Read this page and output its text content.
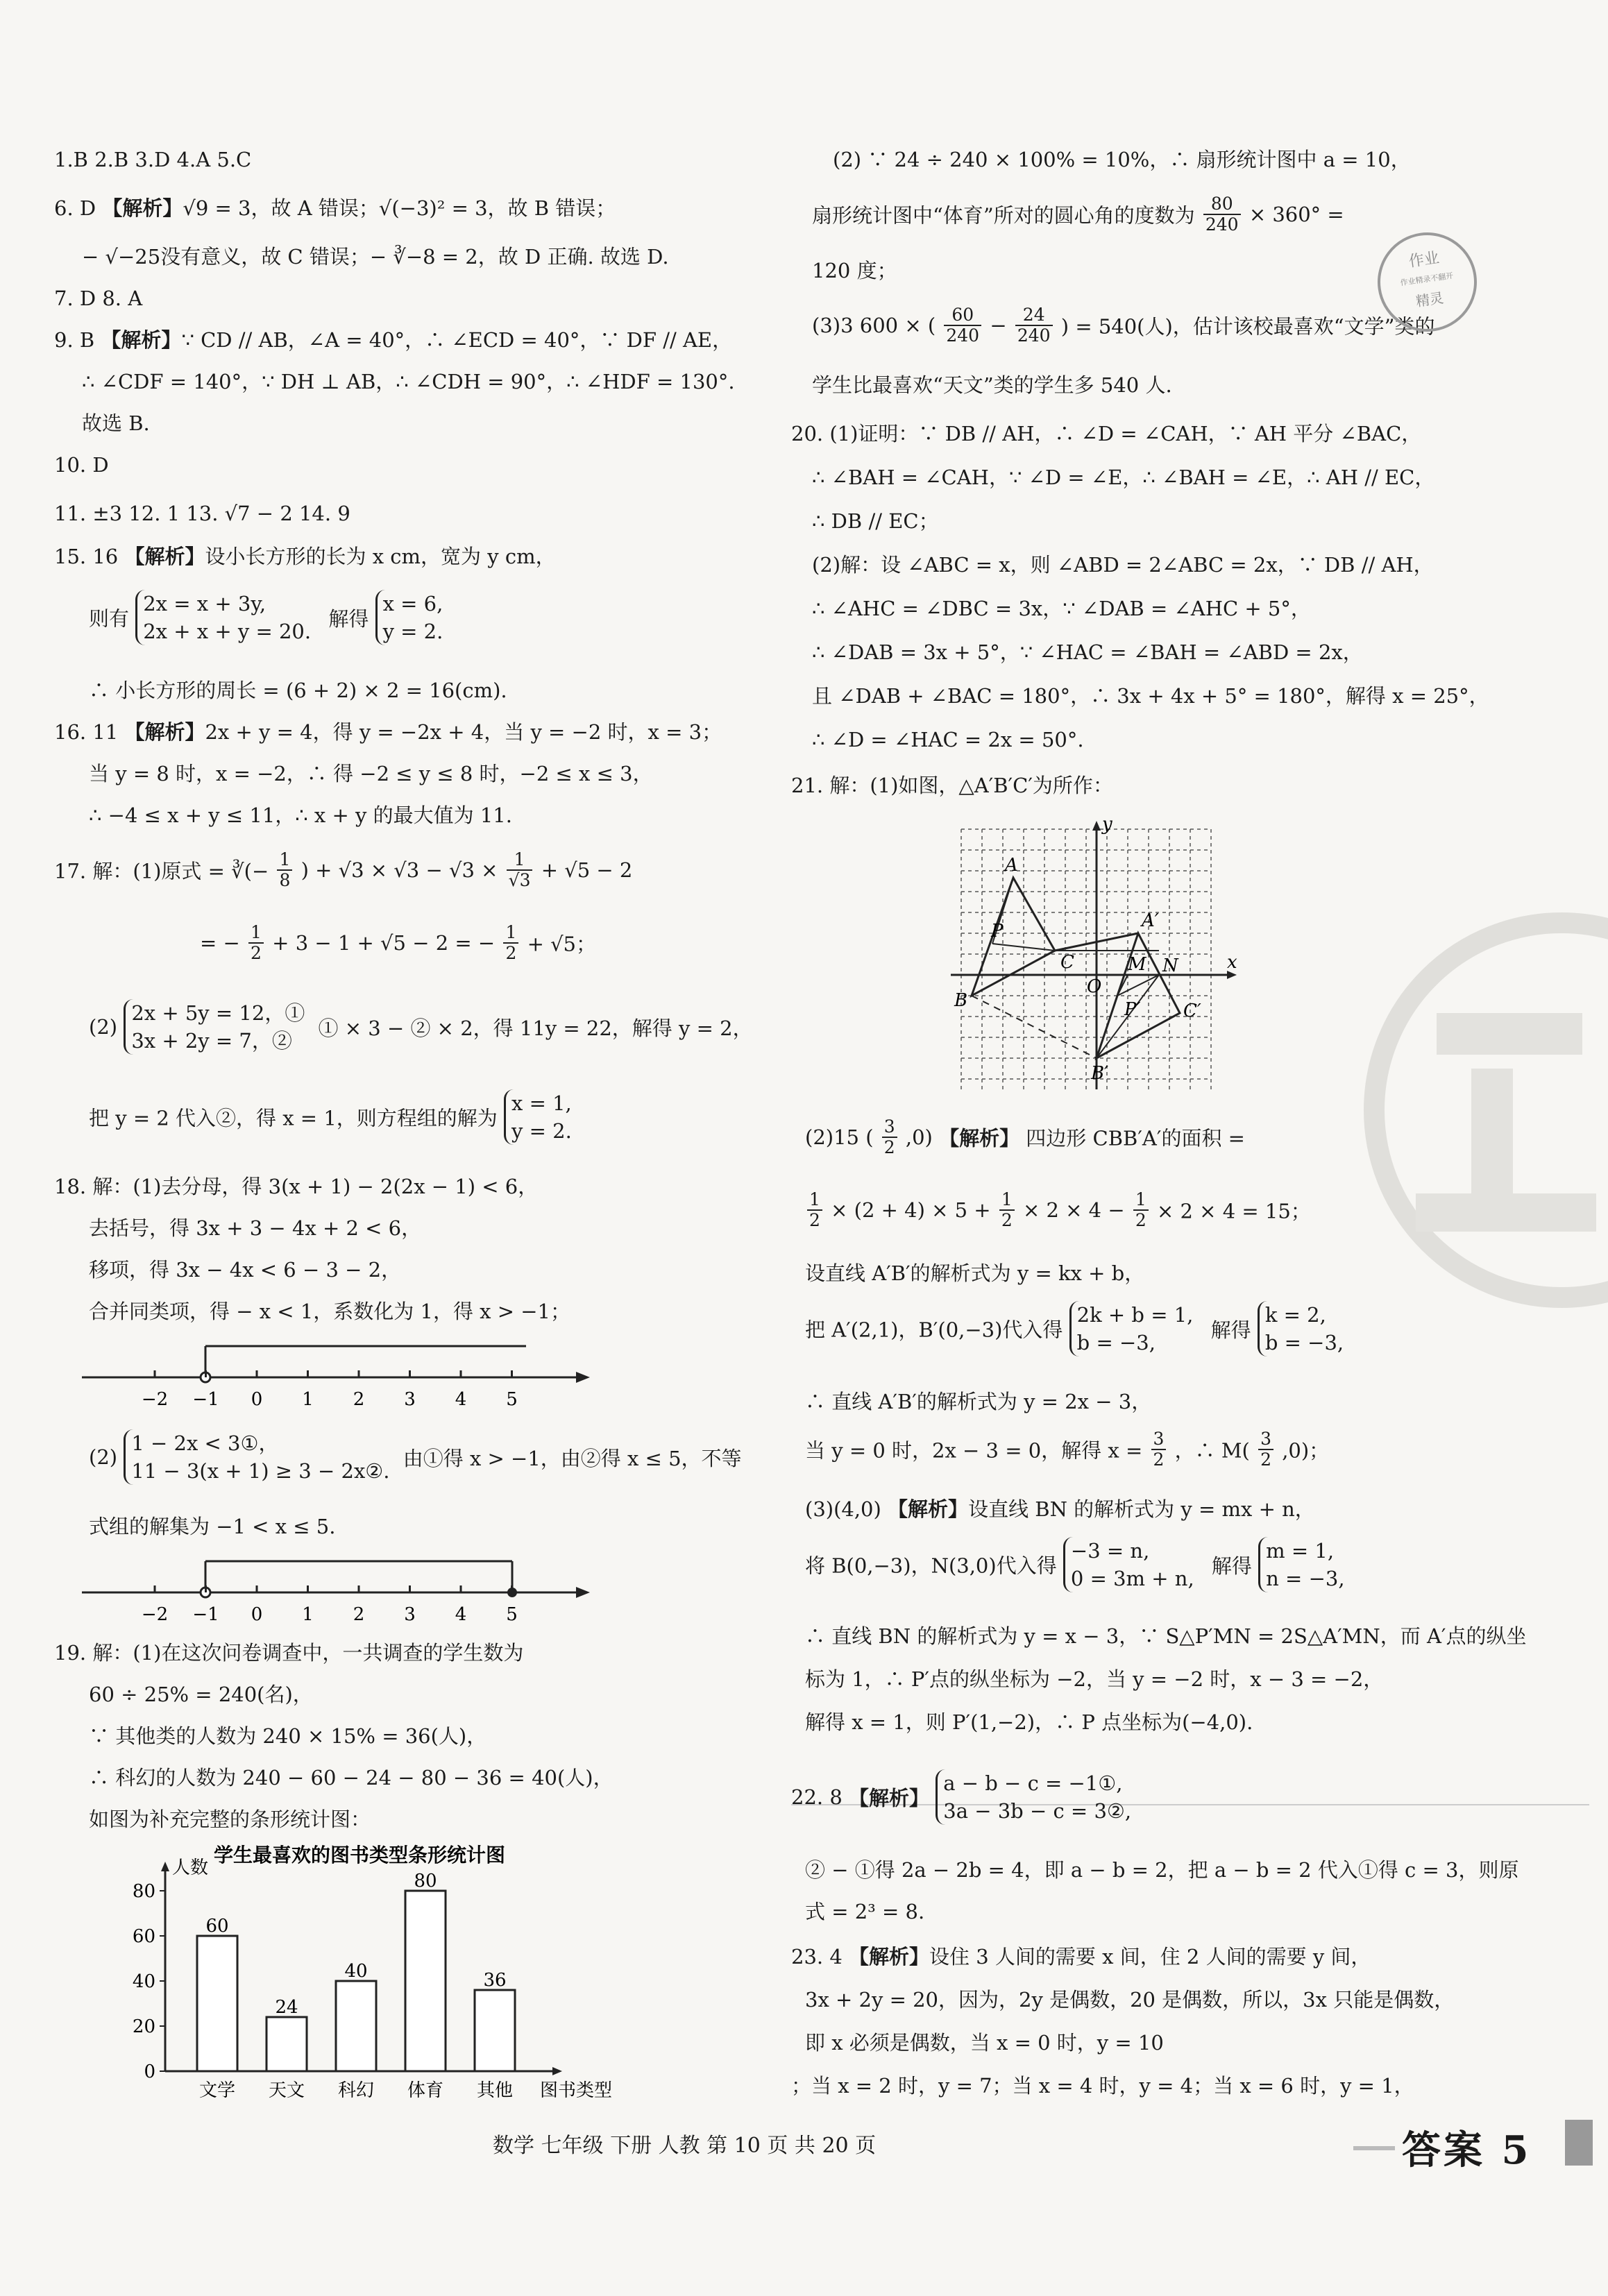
1.B 2.B 3.D 4.A 5.C
6. D 【解析】√9 = 3，故 A 错误；√(−3)² = 3，故 B 错误；
− √−25没有意义，故 C 错误；− ∛−8 = 2，故 D 正确. 故选 D.
7. D 8. A
9. B 【解析】∵ CD // AB，∠A = 40°，∴ ∠ECD = 40°，∵ DF // AE，
∴ ∠CDF = 140°，∵ DH ⊥ AB，∴ ∠CDH = 90°，∴ ∠HDF = 130°.
故选 B.
10. D
11. ±3 12. 1 13. √7 − 2 14. 9
15. 16 【解析】设小长方形的长为 x cm，宽为 y cm，
则有
2x = x + 3y,
2x + x + y = 20.
解得
x = 6,
y = 2.
∴ 小长方形的周长 = (6 + 2) × 2 = 16(cm).
16. 11 【解析】2x + y = 4，得 y = −2x + 4，当 y = −2 时，x = 3；
当 y = 8 时，x = −2，∴ 得 −2 ≤ y ≤ 8 时，−2 ≤ x ≤ 3，
∴ −4 ≤ x + y ≤ 11，∴ x + y 的最大值为 11.
17. 解：(1)原式 = ∛(− $\frac{1}{8}$ ) + $√3 \times √3 - √3 \times \frac{1}{√3} + √5 - 2$
= − $\frac{1}{2} + 3 - 1 + √5 - 2$ = − $\frac{1}{2} + √5$；
(2)
2x + 5y = 12，①
3x + 2y = 7，②
① × 3 − ② × 2，得 11y = 22，解得 y = 2，
把 y = 2 代入②，得 x = 1，则方程组的解为
x = 1,
y = 2.
18. 解：(1)去分母，得 3(x + 1) − 2(2x − 1) < 6，
去括号，得 3x + 3 − 4x + 2 < 6，
移项，得 3x − 4x < 6 − 3 − 2，
合并同类项，得 − x < 1，系数化为 1，得 x > −1；
−2 −1 0 1 2 3 4 5
(2)
1 − 2x < 3①，
11 − 3(x + 1) ≥ 3 − 2x②.
由①得 x > −1，由②得 x ≤ 5，不等
式组的解集为 −1 < x ≤ 5.
−2 −1 0 1 2 3 4 5
19. 解：(1)在这次问卷调查中，一共调查的学生数为
60 ÷ 25% = 240(名)，
∵ 其他类的人数为 240 × 15% = 36(人)，
∴ 科幻的人数为 240 − 60 − 24 − 80 − 36 = 40(人)，
如图为补充完整的条形统计图：
学生最喜欢的图书类型条形统计图
人数
0
20
40
60
80
60
文学
24
天文
40
科幻
80
体育
36
其他 图书类型
(2) ∵ 24 ÷ 240 × 100% = 10%，∴ 扇形统计图中 a = 10，
扇形统计图中“体育”所对的圆心角的度数为 $\frac{80}{240} \times 360^\circ$ =
120 度；
(3)3 600 × ( $\frac{60}{240} - \frac{24}{240}$ ) = 540(人)，估计该校最喜欢“文学”类的
学生比最喜欢“天文”类的学生多 540 人.
20. (1)证明：∵ DB // AH，∴ ∠D = ∠CAH，∵ AH 平分 ∠BAC，
∴ ∠BAH = ∠CAH，∵ ∠D = ∠E，∴ ∠BAH = ∠E，∴ AH // EC，
∴ DB // EC；
(2)解：设 ∠ABC = x，则 ∠ABD = 2∠ABC = 2x，∵ DB // AH，
∴ ∠AHC = ∠DBC = 3x，∵ ∠DAB = ∠AHC + 5°，
∴ ∠DAB = 3x + 5°，∵ ∠HAC = ∠BAH = ∠ABD = 2x，
且 ∠DAB + ∠BAC = 180°，∴ 3x + 4x + 5° = 180°，解得 x = 25°，
∴ ∠D = ∠HAC = 2x = 50°.
21. 解：(1)如图，△A′B′C′为所作：
A
P
C
A′
M N
O
B	P′ C′
B′
x
y
(2)15 ( $\frac{3}{2} ,0$) 【解析】 四边形 CBB′A′的面积 =
$\frac{1}{2} \times (2 + 4) \times 5 + \frac{1}{2} \times 2 \times 4 - \frac{1}{2} \times 2 \times 4 = 15$；
设直线 A′B′的解析式为 y = kx + b，
把 A′(2,1)，B′(0,−3)代入得
2k + b = 1,
b = −3,
解得
k = 2,
b = −3,
∴ 直线 A′B′的解析式为 y = 2x − 3，
当 y = 0 时，2x − 3 = 0，解得 $x = \frac{3}{2}$ ，∴ $M( \frac{3}{2} ,0)$；
(3)(4,0) 【解析】设直线 BN 的解析式为 y = mx + n，
将 B(0,−3)，N(3,0)代入得
−3 = n,
0 = 3m + n,
解得
m = 1,
n = −3,
∴ 直线 BN 的解析式为 y = x − 3，∵ S△P′MN = 2S△A′MN，而 A′点的纵坐
标为 1，∴ P′点的纵坐标为 −2，当 y = −2 时，x − 3 = −2，
解得 x = 1，则 P′(1,−2)，∴ P 点坐标为(−4,0).
22. 8 【解析】
a − b − c = −1①,
3a − 3b − c = 3②,
② − ①得 2a − 2b = 4，即 a − b = 2，把 a − b = 2 代入①得 c = 3，则原
式 = 2³ = 8.
23. 4 【解析】设住 3 人间的需要 x 间，住 2 人间的需要 y 间，
3x + 2y = 20，因为，2y 是偶数，20 是偶数，所以，3x 只能是偶数，
即 x 必须是偶数，当 x = 0 时，y = 10
；当 x = 2 时，y = 7；当 x = 4 时，y = 4；当 x = 6 时，y = 1，
作业
作业精录不翻开
精灵
数学 七年级 下册 人教 第 10 页 共 20 页	答案 5
